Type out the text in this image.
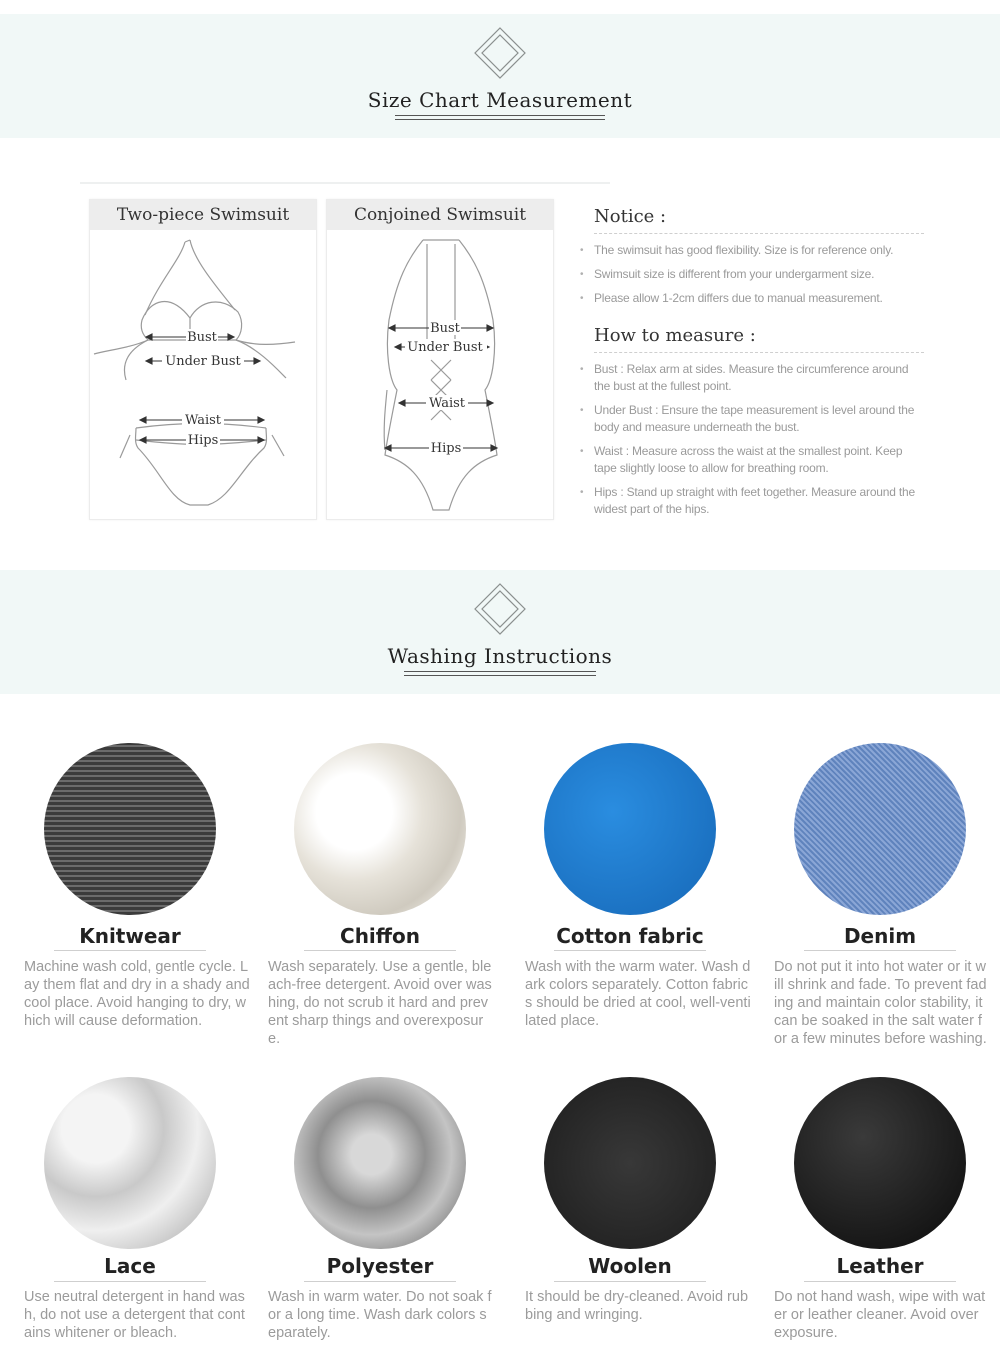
Size Chart Measurement
Two-piece Swimsuit
Bust
Under Bust
Waist
Hips
Conjoined Swimsuit
Bust
Under Bust
Waist
Hips
Notice :
• The swimsuit has good flexibility. Size is for reference only.
• Swimsuit size is different from your undergarment size.
• Please allow 1-2cm differs due to manual measurement.
How to measure :
• Bust : Relax arm at sides. Measure the circumference around the bust at the fullest point.
• Under Bust : Ensure the tape measurement is level around the body and measure underneath the bust.
• Waist : Measure across the waist at the smallest point. Keep tape slightly loose to allow for breathing room.
• Hips : Stand up straight with feet together. Measure around the widest part of the hips.
Washing Instructions
Knitwear
Machine wash cold, gentle cycle. Lay them flat and dry in a shady and cool place. Avoid hanging to dry, which will cause deformation.
Chiffon
Wash separately. Use a gentle, bleach-free detergent. Avoid over washing, do not scrub it hard and prevent sharp things and overexposure.
Cotton fabric
Wash with the warm water. Wash dark colors separately. Cotton fabrics should be dried at cool, well-ventilated place.
Denim
Do not put it into hot water or it will shrink and fade. To prevent fading and maintain color stability, it can be soaked in the salt water for a few minutes before washing.
Lace
Use neutral detergent in hand wash, do not use a detergent that contains whitener or bleach.
Polyester
Wash in warm water. Do not soak for a long time. Wash dark colors separately.
Woolen
It should be dry-cleaned. Avoid rubbing and wringing.
Leather
Do not hand wash, wipe with water or leather cleaner. Avoid over exposure.
